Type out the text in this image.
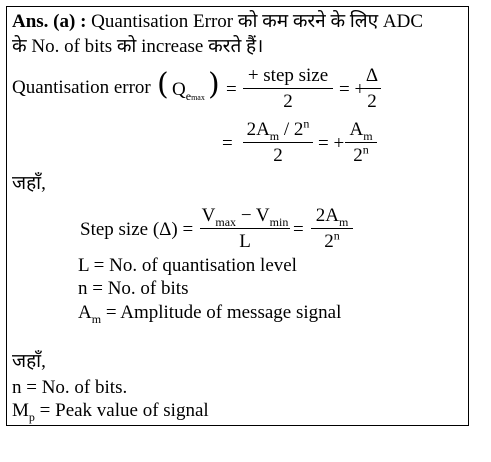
Ans. (a) : Quantisation Error को कम करने के लिए ADC
के No. of bits को increase करते हैं।
Quantisation error ( $Q_{emax}$ ) =
+ step size
2
= +
Δ
2
=
$2A_m / 2^n$
2
= +
$A_m$
2$^n$
जहाँ,
Step size (Δ) =
$V_{max} - V_{min}$
L
=
$2A_m$
2$^n$
L = No. of quantisation level
n = No. of bits
$A_m$ = Amplitude of message signal
जहाँ,
n = No. of bits.
$M_p$ = Peak value of signal
